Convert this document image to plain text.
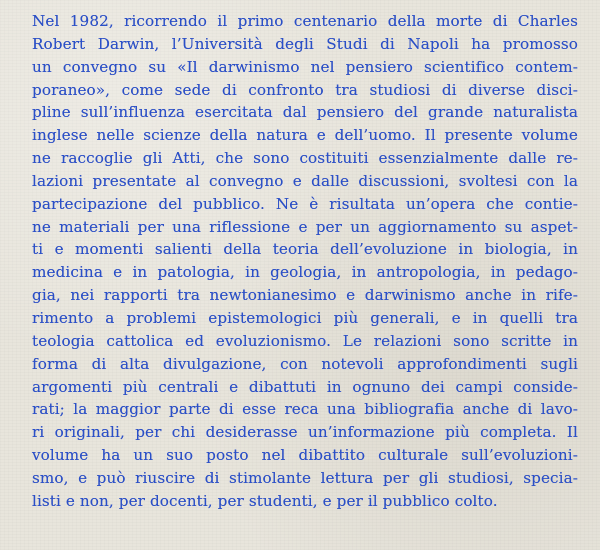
Nel 1982, ricorrendo il primo centenario della morte di Charles
Robert Darwin, l’Università degli Studi di Napoli ha promosso
un convegno su «Il darwinismo nel pensiero scientifico contem-
poraneo», come sede di confronto tra studiosi di diverse disci-
pline sull’influenza esercitata dal pensiero del grande naturalista
inglese nelle scienze della natura e dell’uomo. Il presente volume
ne raccoglie gli Atti, che sono costituiti essenzialmente dalle re-
lazioni presentate al convegno e dalle discussioni, svoltesi con la
partecipazione del pubblico. Ne è risultata un’opera che contie-
ne materiali per una riflessione e per un aggiornamento su aspet-
ti e momenti salienti della teoria dell’evoluzione in biologia, in
medicina e in patologia, in geologia, in antropologia, in pedago-
gia, nei rapporti tra newtonianesimo e darwinismo anche in rife-
rimento a problemi epistemologici più generali, e in quelli tra
teologia cattolica ed evoluzionismo. Le relazioni sono scritte in
forma di alta divulgazione, con notevoli approfondimenti sugli
argomenti più centrali e dibattuti in ognuno dei campi conside-
rati; la maggior parte di esse reca una bibliografia anche di lavo-
ri originali, per chi desiderasse un’informazione più completa. Il
volume ha un suo posto nel dibattito culturale sull’evoluzioni-
smo, e può riuscire di stimolante lettura per gli studiosi, specia-
listi e non, per docenti, per studenti, e per il pubblico colto.
